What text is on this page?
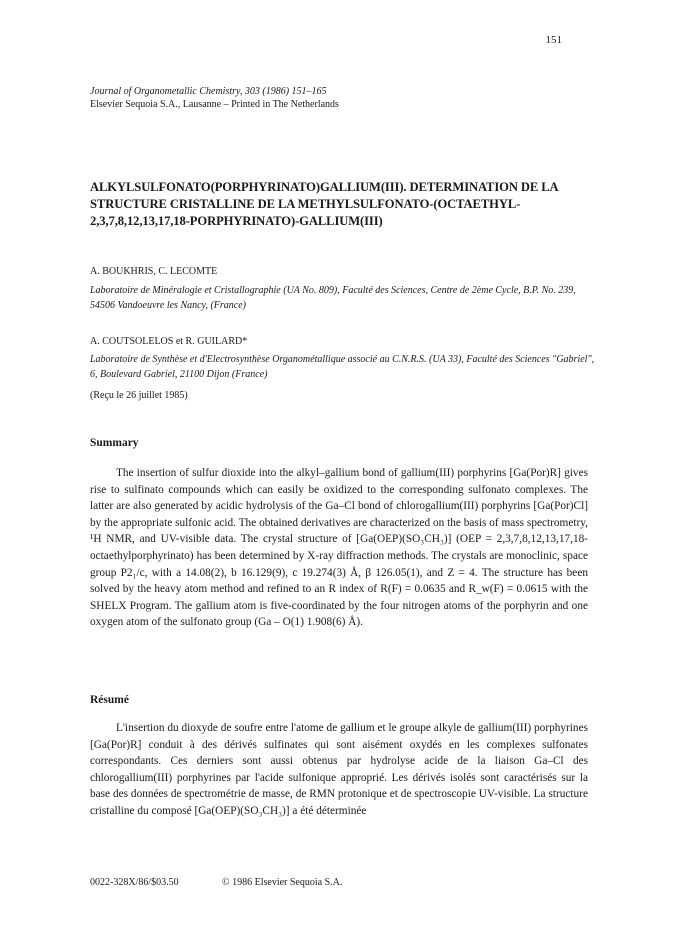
151
Journal of Organometallic Chemistry, 303 (1986) 151–165
Elsevier Sequoia S.A., Lausanne – Printed in The Netherlands
ALKYLSULFONATO(PORPHYRINATO)GALLIUM(III). DETERMINATION DE LA STRUCTURE CRISTALLINE DE LA METHYLSULFONATO-(OCTAETHYL-2,3,7,8,12,13,17,18-PORPHYRINATO)-GALLIUM(III)
A. BOUKHRIS, C. LECOMTE
Laboratoire de Minéralogie et Cristallographie (UA No. 809), Faculté des Sciences, Centre de 2ème Cycle, B.P. No. 239, 54506 Vandoeuvre les Nancy, (France)
A. COUTSOLELOS et R. GUILARD*
Laboratoire de Synthèse et d'Electrosynthèse Organométallique associé au C.N.R.S. (UA 33), Faculté des Sciences "Gabriel", 6, Boulevard Gabriel, 21100 Dijon (France)
(Reçu le 26 juillet 1985)
Summary

The insertion of sulfur dioxide into the alkyl–gallium bond of gallium(III) porphyrins [Ga(Por)R] gives rise to sulfinato compounds which can easily be oxidized to the corresponding sulfonato complexes. The latter are also generated by acidic hydrolysis of the Ga–Cl bond of chlorogallium(III) porphyrins [Ga(Por)Cl] by the appropriate sulfonic acid. The obtained derivatives are characterized on the basis of mass spectrometry, ¹H NMR, and UV-visible data. The crystal structure of [Ga(OEP)(SO₃CH₃)] (OEP = 2,3,7,8,12,13,17,18-octaethylporphyrinato) has been determined by X-ray diffraction methods. The crystals are monoclinic, space group P2₁/c, with a 14.08(2), b 16.129(9), c 19.274(3) Å, β 126.05(1), and Z = 4. The structure has been solved by the heavy atom method and refined to an R index of R(F) = 0.0635 and R_w(F) = 0.0615 with the SHELX Program. The gallium atom is five-coordinated by the four nitrogen atoms of the porphyrin and one oxygen atom of the sulfonato group (Ga – O(1) 1.908(6) Å).

Résumé

L'insertion du dioxyde de soufre entre l'atome de gallium et le groupe alkyle de gallium(III) porphyrines [Ga(Por)R] conduit à des dérivés sulfinates qui sont aisément oxydés en les complexes sulfonates correspondants. Ces derniers sont aussi obtenus par hydrolyse acide de la liaison Ga–Cl des chlorogallium(III) porphyrines par l'acide sulfonique approprié. Les dérivés isolés sont caractérisés sur la base des données de spectrométrie de masse, de RMN protonique et de spectroscopie UV-visible. La structure cristalline du composé [Ga(OEP)(SO₃CH₃)] a été déterminée

0022-328X/86/$03.50	© 1986 Elsevier Sequoia S.A.
